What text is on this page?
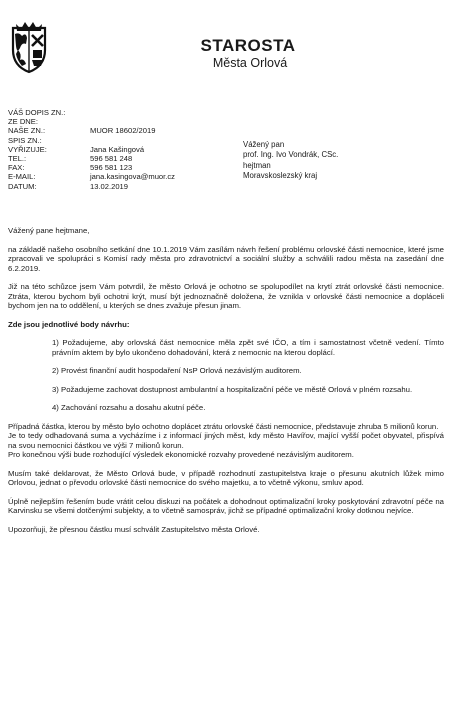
STAROSTA
Města Orlová
VÁŠ DOPIS ZN.:
ZE DNE:
NAŠE ZN.:	MUOR 18602/2019
SPIS ZN.:
VYŘIZUJE:	Jana Kašingová
TEL.:	596 581 248
FAX:	596 581 123
E-MAIL:	jana.kasingova@muor.cz
DATUM:	13.02.2019
Vážený pan
prof. Ing. Ivo Vondrák, CSc.
hejtman
Moravskoslezský kraj

Vážený pane hejtmane,

na základě našeho osobního setkání dne 10.1.2019 Vám zasílám návrh řešení problému orlovské části nemocnice, které jsme zpracovali ve spolupráci s Komisí rady města pro zdravotnictví a sociální služby a schválili radou města na zasedání dne 6.2.2019.

Již na této schůzce jsem Vám potvrdil, že město Orlová je ochotno se spolupodílet na krytí ztrát orlovské části nemocnice. Ztráta, kterou bychom byli ochotni krýt, musí být jednoznačně doložena, že vznikla v orlovské části nemocnice a dopláceli bychom jen na to oddělení, u kterých se dnes zvažuje přesun jinam.

Zde jsou jednotlivé body návrhu:

1) Požadujeme, aby orlovská část nemocnice měla zpět své IČO, a tím i samostatnost včetně vedení. Tímto právním aktem by bylo ukončeno dohadování, která z nemocnic na kterou doplácí.

2) Provést finanční audit hospodaření NsP Orlová nezávislým auditorem.

3) Požadujeme zachovat dostupnost ambulantní a hospitalizační péče ve městě Orlová v plném rozsahu.

4) Zachování rozsahu a dosahu akutní péče.

Případná částka, kterou by město bylo ochotno doplácet ztrátu orlovské části nemocnice, představuje zhruba 5 milionů korun.

Je to tedy odhadovaná suma a vycházíme i z informací jiných měst, kdy město Havířov, mající vyšší počet obyvatel, přispívá na svou nemocnici částkou ve výši 7 milionů korun.

Pro konečnou výši bude rozhodující výsledek ekonomické rozvahy provedené nezávislým auditorem.

Musím také deklarovat, že Město Orlová bude, v případě rozhodnutí zastupitelstva kraje o přesunu akutních lůžek mimo Orlovou, jednat o převodu orlovské části nemocnice do svého majetku, a to včetně výkonu, smluv apod.

Úplně nejlepším řešením bude vrátit celou diskuzi na počátek a dohodnout optimalizační kroky poskytování zdravotní péče na Karvinsku se všemi dotčenými subjekty, a to včetně samospráv, jichž se případné optimalizační kroky dotknou nejvíce.

Upozorňuji, že přesnou částku musí schválit Zastupitelstvo města Orlové.
